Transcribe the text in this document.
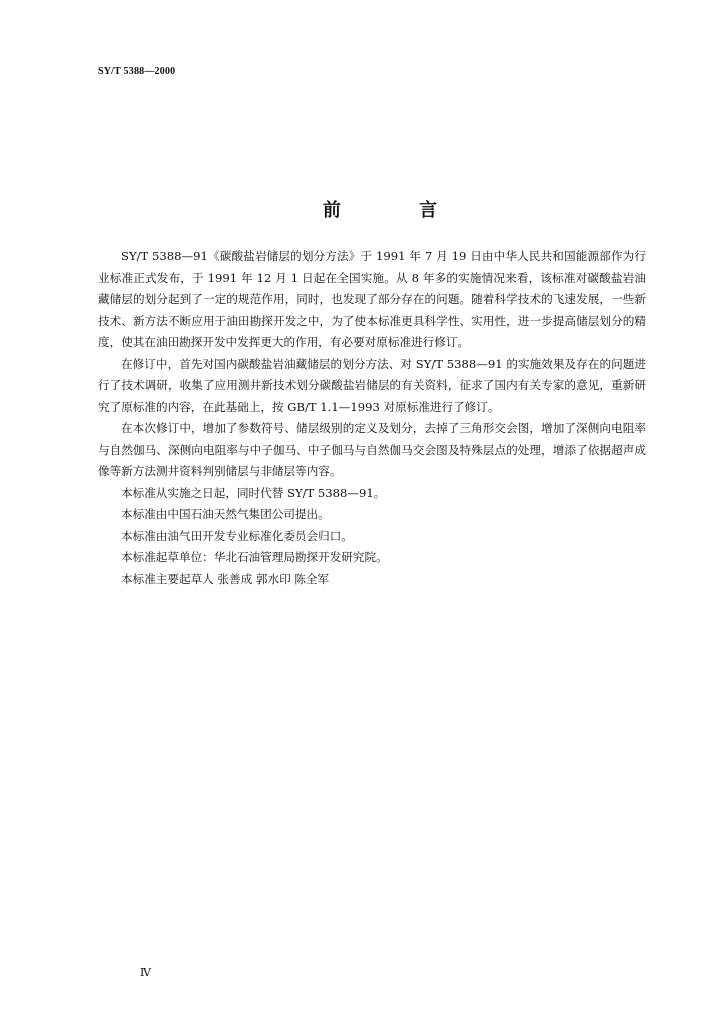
SY/T 5388—2000
前 言

SY/T 5388—91《碳酸盐岩储层的划分方法》于 1991 年 7 月 19 日由中华人民共和国能源部作为行业标准正式发布，于 1991 年 12 月 1 日起在全国实施。从 8 年多的实施情况来看，该标准对碳酸盐岩油藏储层的划分起到了一定的规范作用，同时，也发现了部分存在的问题。随着科学技术的飞速发展，一些新技术、新方法不断应用于油田勘探开发之中，为了使本标准更具科学性、实用性，进一步提高储层划分的精度，使其在油田勘探开发中发挥更大的作用，有必要对原标准进行修订。

在修订中，首先对国内碳酸盐岩油藏储层的划分方法、对 SY/T 5388—91 的实施效果及存在的问题进行了技术调研，收集了应用测井新技术划分碳酸盐岩储层的有关资料，征求了国内有关专家的意见，重新研究了原标准的内容，在此基础上，按 GB/T 1.1—1993 对原标准进行了修订。

在本次修订中，增加了参数符号、储层级别的定义及划分，去掉了三角形交会图，增加了深侧向电阻率与自然伽马、深侧向电阻率与中子伽马、中子伽马与自然伽马交会图及特殊层点的处理，增添了依据超声成像等新方法测井资料判别储层与非储层等内容。

本标准从实施之日起，同时代替 SY/T 5388—91。

本标准由中国石油天然气集团公司提出。

本标准由油气田开发专业标准化委员会归口。

本标准起草单位：华北石油管理局勘探开发研究院。

本标准主要起草人 张善成 郭水印 陈全军

Ⅳ
